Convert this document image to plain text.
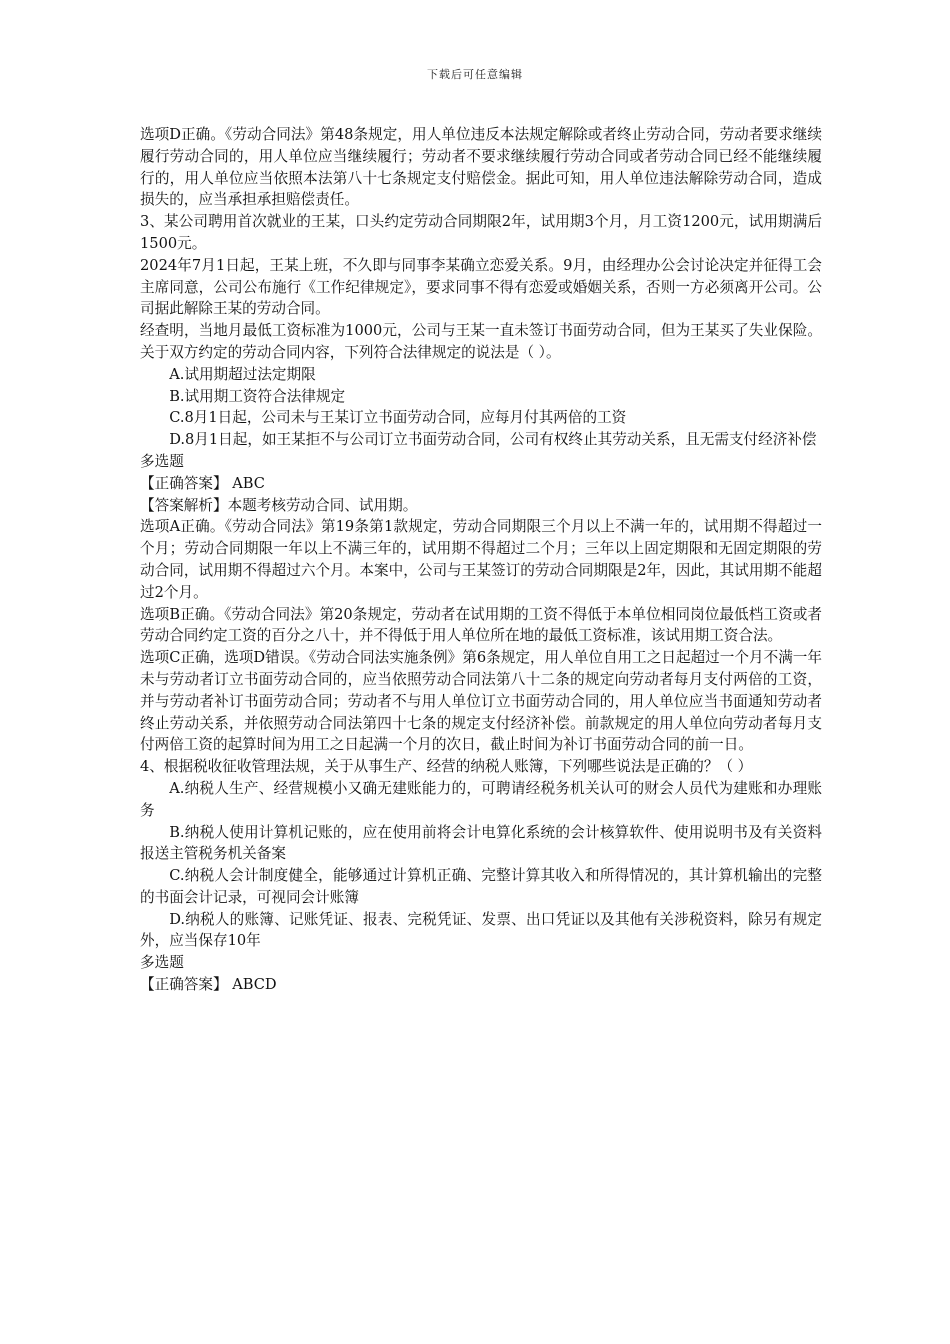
下载后可任意编辑

选项D正确。《劳动合同法》第48条规定，用人单位违反本法规定解除或者终止劳动合同，劳动者要求继续履行劳动合同的，用人单位应当继续履行；劳动者不要求继续履行劳动合同或者劳动合同已经不能继续履行的，用人单位应当依照本法第八十七条规定支付赔偿金。据此可知，用人单位违法解除劳动合同，造成损失的，应当承担承担赔偿责任。

3、某公司聘用首次就业的王某，口头约定劳动合同期限2年，试用期3个月，月工资1200元，试用期满后1500元。

2024年7月1日起，王某上班，不久即与同事李某确立恋爱关系。9月，由经理办公会讨论决定并征得工会主席同意，公司公布施行《工作纪律规定》，要求同事不得有恋爱或婚姻关系，否则一方必须离开公司。公司据此解除王某的劳动合同。

经查明，当地月最低工资标准为1000元，公司与王某一直未签订书面劳动合同，但为王某买了失业保险。关于双方约定的劳动合同内容，下列符合法律规定的说法是（ ）。

A.试用期超过法定期限

B.试用期工资符合法律规定

C.8月1日起，公司未与王某订立书面劳动合同，应每月付其两倍的工资

D.8月1日起，如王某拒不与公司订立书面劳动合同，公司有权终止其劳动关系，且无需支付经济补偿

多选题

【正确答案】 ABC

【答案解析】本题考核劳动合同、试用期。

选项A正确。《劳动合同法》第19条第1款规定，劳动合同期限三个月以上不满一年的，试用期不得超过一个月；劳动合同期限一年以上不满三年的，试用期不得超过二个月；三年以上固定期限和无固定期限的劳动合同，试用期不得超过六个月。本案中，公司与王某签订的劳动合同期限是2年，因此，其试用期不能超过2个月。

选项B正确。《劳动合同法》第20条规定，劳动者在试用期的工资不得低于本单位相同岗位最低档工资或者劳动合同约定工资的百分之八十，并不得低于用人单位所在地的最低工资标准，该试用期工资合法。

选项C正确，选项D错误。《劳动合同法实施条例》第6条规定，用人单位自用工之日起超过一个月不满一年未与劳动者订立书面劳动合同的，应当依照劳动合同法第八十二条的规定向劳动者每月支付两倍的工资，并与劳动者补订书面劳动合同；劳动者不与用人单位订立书面劳动合同的，用人单位应当书面通知劳动者终止劳动关系，并依照劳动合同法第四十七条的规定支付经济补偿。前款规定的用人单位向劳动者每月支付两倍工资的起算时间为用工之日起满一个月的次日，截止时间为补订书面劳动合同的前一日。

4、根据税收征收管理法规，关于从事生产、经营的纳税人账簿，下列哪些说法是正确的？（ ）

A.纳税人生产、经营规模小又确无建账能力的，可聘请经税务机关认可的财会人员代为建账和办理账务

B.纳税人使用计算机记账的，应在使用前将会计电算化系统的会计核算软件、使用说明书及有关资料报送主管税务机关备案

C.纳税人会计制度健全，能够通过计算机正确、完整计算其收入和所得情况的，其计算机输出的完整的书面会计记录，可视同会计账簿

D.纳税人的账簿、记账凭证、报表、完税凭证、发票、出口凭证以及其他有关涉税资料，除另有规定外，应当保存10年

多选题

【正确答案】 ABCD
